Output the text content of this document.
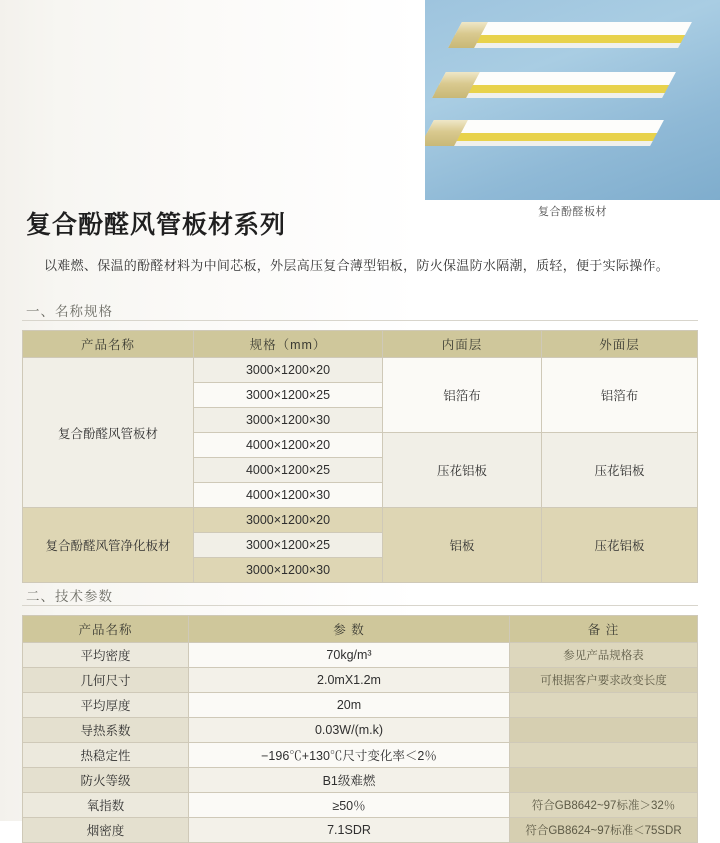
复合酚醛板材
复合酚醛风管板材系列
以难燃、保温的酚醛材料为中间芯板，外层高压复合薄型铝板，防火保温防水隔潮，质轻，便于实际操作。
一、名称规格
产品名称	规格（mm）	内面层	外面层
复合酚醛风管板材	3000×1200×20	铝箔布	铝箔布
	3000×1200×25		
	3000×1200×30		
	4000×1200×20	压花铝板	压花铝板
	4000×1200×25		
	4000×1200×30		
复合酚醛风管净化板材	3000×1200×20	铝板	压花铝板
	3000×1200×25		
	3000×1200×30		
二、技术参数
产品名称	参 数	备 注
平均密度	70kg/m³	参见产品规格表
几何尺寸	2.0mX1.2m	可根据客户要求改变长度
平均厚度	20m	
导热系数	0.03W/(m.k)	
热稳定性	−196℃+130℃尺寸变化率＜2％	
防火等级	B1级难燃	
氧指数	≥50％	符合GB8642~97标准＞32％
烟密度	7.1SDR	符合GB8624~97标准＜75SDR
